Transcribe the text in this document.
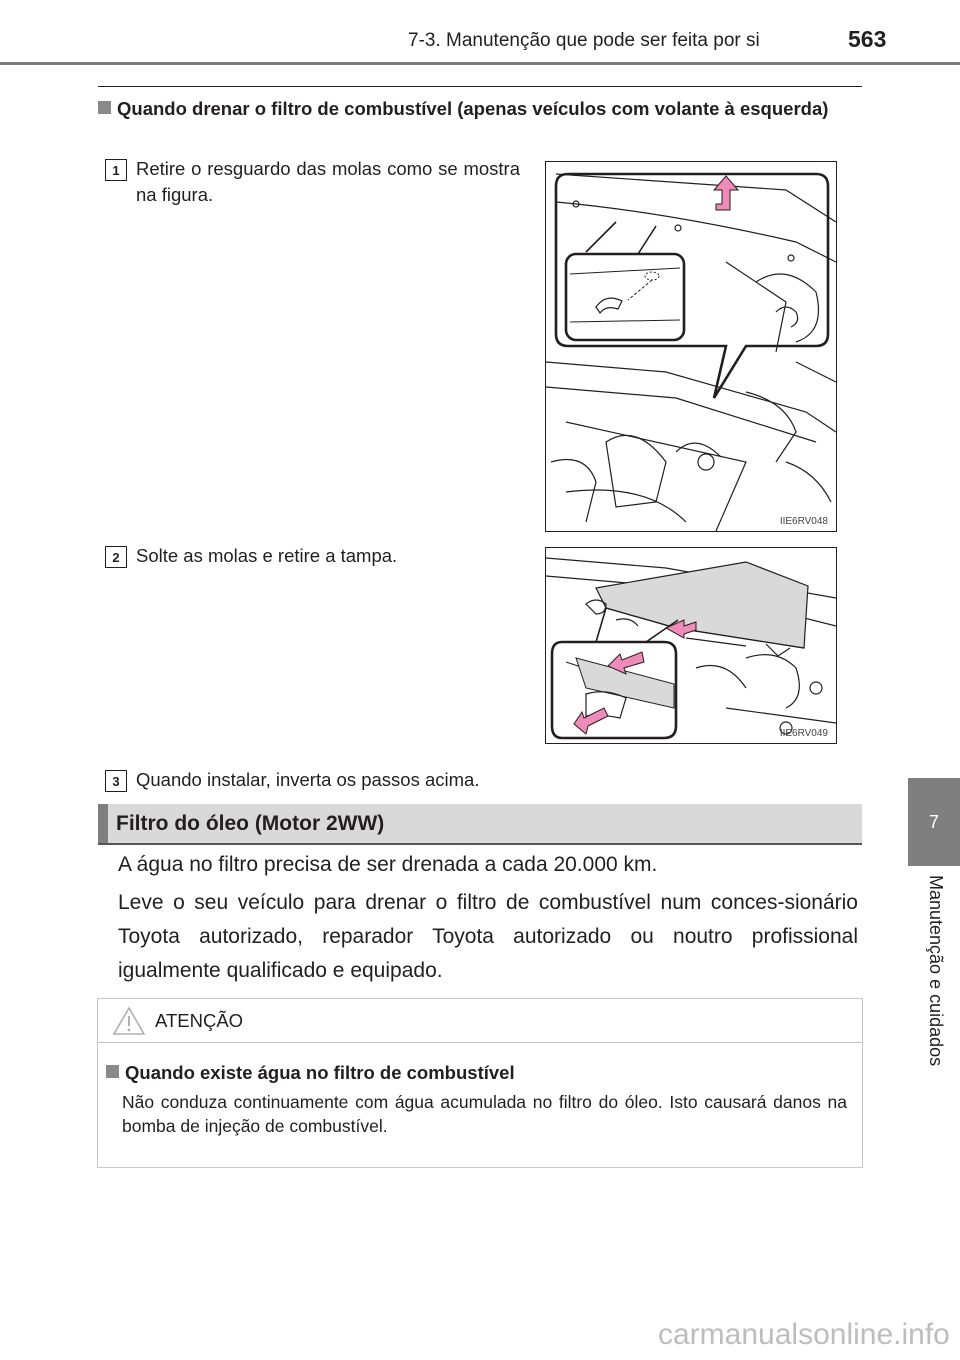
7-3. Manutenção que pode ser feita por si	563
7
Manutenção e cuidados
Quando drenar o filtro de combustível (apenas veículos com volante à esquerda)
1 Retire o resguardo das molas como se mostra na figura.
IIE6RV048
2 Solte as molas e retire a tampa.
IIE6RV049
3 Quando instalar, inverta os passos acima.
Filtro do óleo (Motor 2WW)
A água no filtro precisa de ser drenada a cada 20.000 km.
Leve o seu veículo para drenar o filtro de combustível num conces-sionário Toyota autorizado, reparador Toyota autorizado ou noutro profissional igualmente qualificado e equipado.
ATENÇÃO
Quando existe água no filtro de combustível
Não conduza continuamente com água acumulada no filtro do óleo. Isto causará danos na bomba de injeção de combustível.
carmanualsonline.info
